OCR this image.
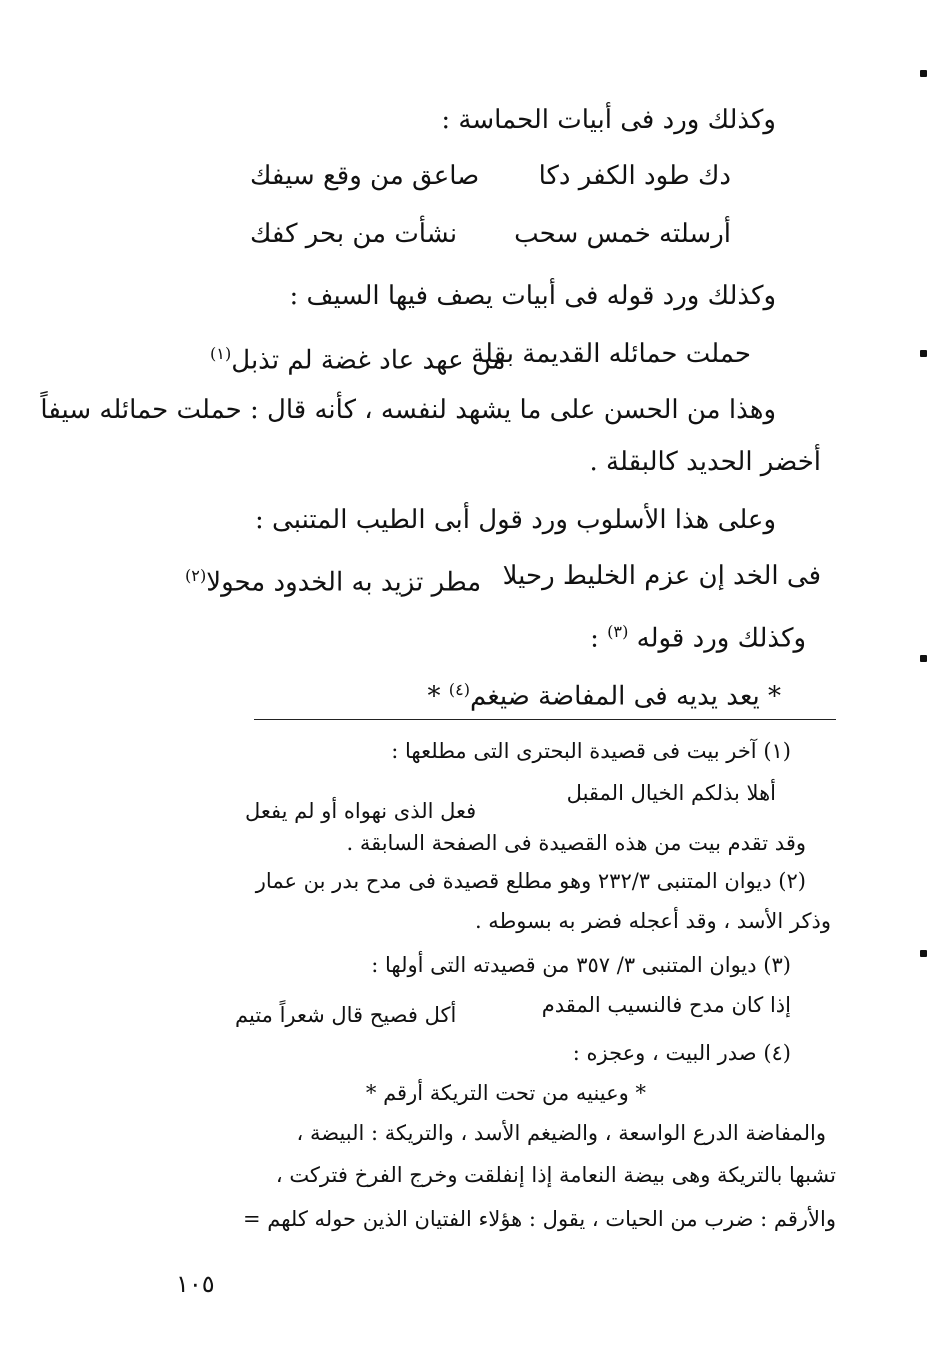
وكذلك ورد فى أبيات الحماسة :
دك طود الكفر دكا
صاعق من وقع سيفك
أرسلته خمس سحب
نشأت من بحر كفك
وكذلك ورد قوله فى أبيات يصف فيها السيف :
حملت حمائله القديمة بقلة
من عهد عاد غضة لم تذبل$^{(١)}$
وهذا من الحسن على ما يشهد لنفسه ، كأنه قال : حملت حمائله سيفاً
أخضر الحديد كالبقلة .
وعلى هذا الأسلوب ورد قول أبى الطيب المتنبى :
فى الخد إن عزم الخليط رحيلا
مطر تزيد به الخدود محولا$^{(٢)}$
وكذلك ورد قوله $^{(٣)}$ :
* يعد يديه فى المفاضة ضيغم$^{(٤)}$ *
(١) آخر بيت فى قصيدة البحترى التى مطلعها :
أهلا بذلكم الخيال المقبل
فعل الذى نهواه أو لم يفعل
وقد تقدم بيت من هذه القصيدة فى الصفحة السابقة .
(٢) ديوان المتنبى ٢٣٢/٣ وهو مطلع قصيدة فى مدح بدر بن عمار
وذكر الأسد ، وقد أعجله فضر به بسوطه .
(٣) ديوان المتنبى ٣/ ٣٥٧ من قصيدته التى أولها :
إذا كان مدح فالنسيب المقدم
أكل فصيح قال شعراً متيم
(٤) صدر البيت ، وعجزه :
* وعينيه من تحت التريكة أرقم *
والمفاضة الدرع الواسعة ، والضيغم الأسد ، والتريكة : البيضة ،
تشبها بالتريكة وهى بيضة النعامة إذا إنفلقت وخرج الفرخ فتركت ،
والأرقم : ضرب من الحيات ، يقول : هؤلاء الفتيان الذين حوله كلهم =
١٠٥
